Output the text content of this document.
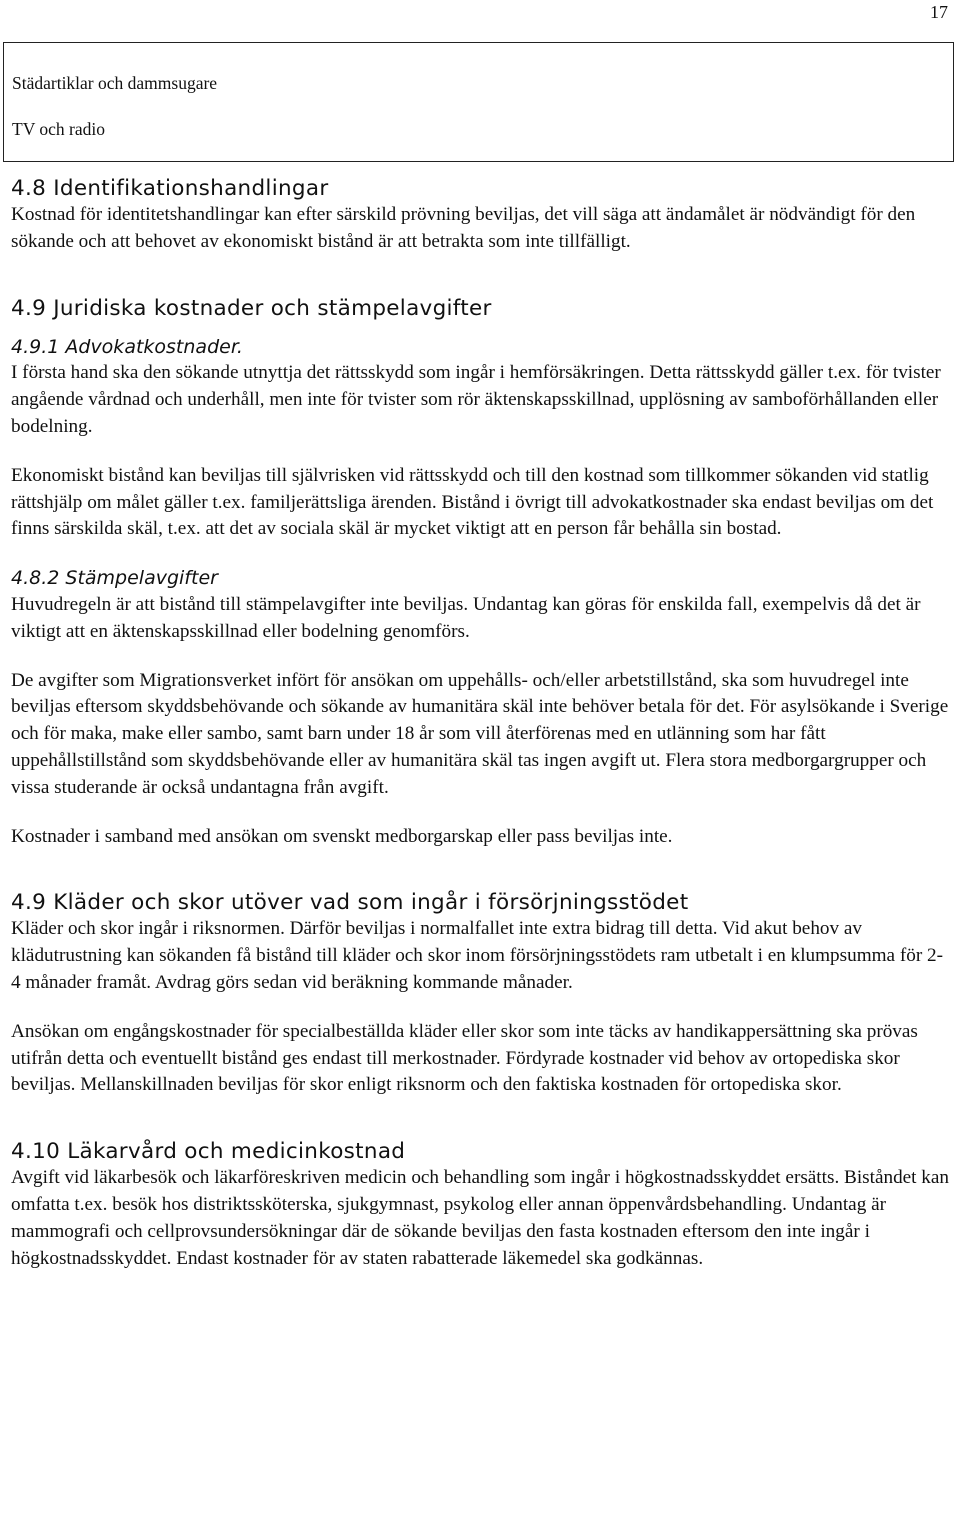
17
Städartiklar och dammsugare
TV och radio
4.8 Identifikationshandlingar

Kostnad för identitetshandlingar kan efter särskild prövning beviljas, det vill säga att ändamålet är nödvändigt för den sökande och att behovet av ekonomiskt bistånd är att betrakta som inte tillfälligt.

4.9 Juridiska kostnader och stämpelavgifter

4.9.1 Advokatkostnader.

I första hand ska den sökande utnyttja det rättsskydd som ingår i hemförsäkringen. Detta rättsskydd gäller t.ex. för tvister angående vårdnad och underhåll, men inte för tvister som rör äktenskapsskillnad, upplösning av samboförhållanden eller bodelning.

Ekonomiskt bistånd kan beviljas till självrisken vid rättsskydd och till den kostnad som tillkommer sökanden vid statlig rättshjälp om målet gäller t.ex. familjerättsliga ärenden. Bistånd i övrigt till advokatkostnader ska endast beviljas om det finns särskilda skäl, t.ex. att det av sociala skäl är mycket viktigt att en person får behålla sin bostad.

4.8.2 Stämpelavgifter

Huvudregeln är att bistånd till stämpelavgifter inte beviljas. Undantag kan göras för enskilda fall, exempelvis då det är viktigt att en äktenskapsskillnad eller bodelning genomförs.

De avgifter som Migrationsverket infört för ansökan om uppehålls- och/eller arbetstillstånd, ska som huvudregel inte beviljas eftersom skyddsbehövande och sökande av humanitära skäl inte behöver betala för det. För asylsökande i Sverige och för maka, make eller sambo, samt barn under 18 år som vill återförenas med en utlänning som har fått uppehållstillstånd som skyddsbehövande eller av humanitära skäl tas ingen avgift ut. Flera stora medborgargrupper och vissa studerande är också undantagna från avgift.

Kostnader i samband med ansökan om svenskt medborgarskap eller pass beviljas inte.

4.9 Kläder och skor utöver vad som ingår i försörjningsstödet

Kläder och skor ingår i riksnormen. Därför beviljas i normalfallet inte extra bidrag till detta. Vid akut behov av klädutrustning kan sökanden få bistånd till kläder och skor inom försörjningsstödets ram utbetalt i en klumpsumma för 2-4 månader framåt. Avdrag görs sedan vid beräkning kommande månader.

Ansökan om engångskostnader för specialbeställda kläder eller skor som inte täcks av handikappersättning ska prövas utifrån detta och eventuellt bistånd ges endast till merkostnader. Fördyrade kostnader vid behov av ortopediska skor beviljas. Mellanskillnaden beviljas för skor enligt riksnorm och den faktiska kostnaden för ortopediska skor.

4.10 Läkarvård och medicinkostnad

Avgift vid läkarbesök och läkarföreskriven medicin och behandling som ingår i högkostnadsskyddet ersätts. Biståndet kan omfatta t.ex. besök hos distriktssköterska, sjukgymnast, psykolog eller annan öppenvårdsbehandling. Undantag är mammografi och cellprovsundersökningar där de sökande beviljas den fasta kostnaden eftersom den inte ingår i högkostnadsskyddet. Endast kostnader för av staten rabatterade läkemedel ska godkännas.
